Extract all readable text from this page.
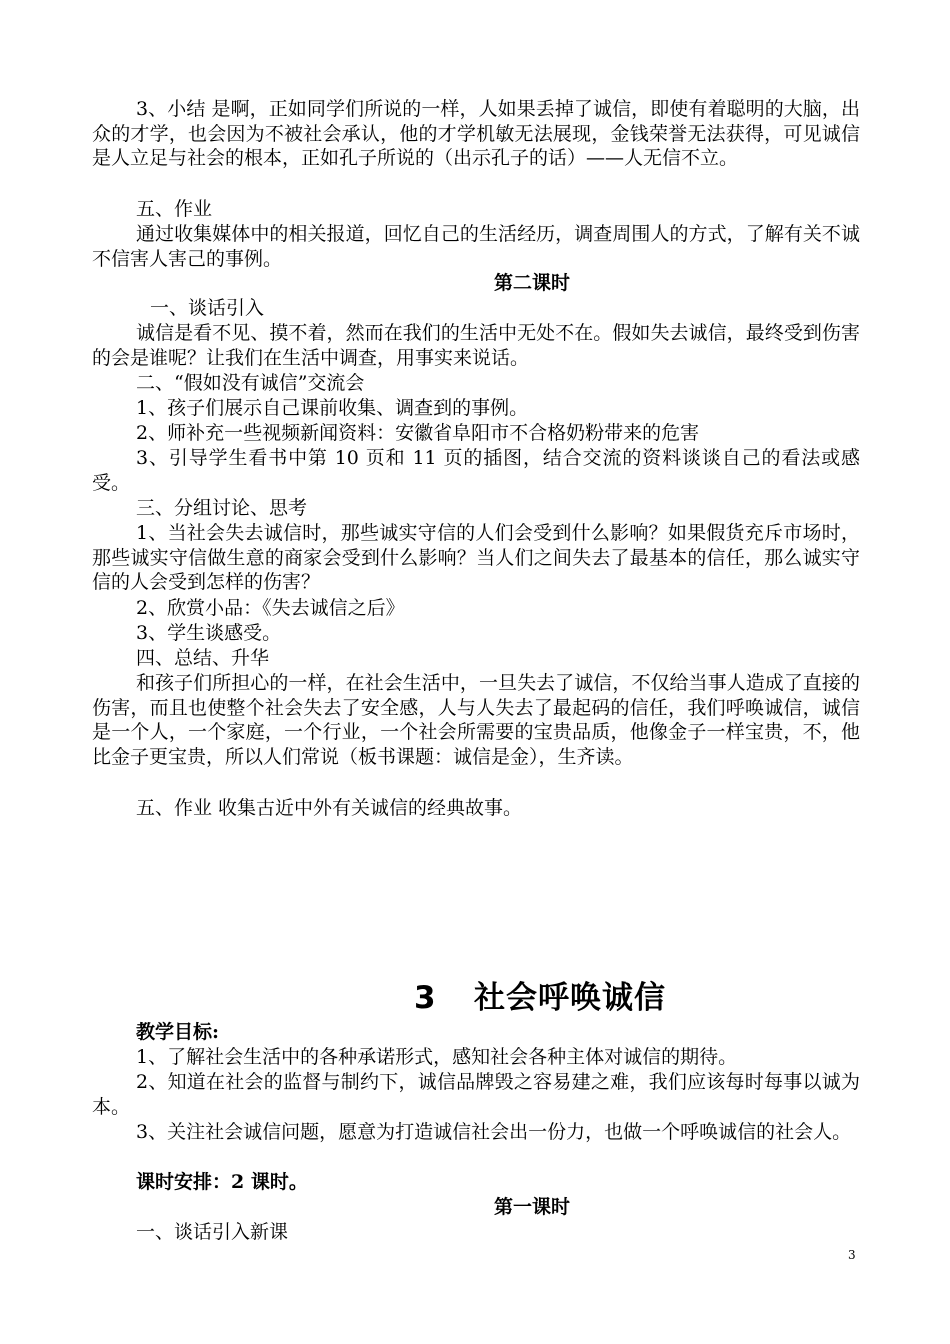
3、小结 是啊，正如同学们所说的一样，人如果丢掉了诚信，即使有着聪明的大脑，出众的才学，也会因为不被社会承认，他的才学机敏无法展现，金钱荣誉无法获得，可见诚信是人立足与社会的根本，正如孔子所说的（出示孔子的话）——人无信不立。
五、作业
通过收集媒体中的相关报道，回忆自己的生活经历，调查周围人的方式，了解有关不诚不信害人害己的事例。
第二课时
一、谈话引入
诚信是看不见、摸不着，然而在我们的生活中无处不在。假如失去诚信，最终受到伤害的会是谁呢？让我们在生活中调查，用事实来说话。
二、“假如没有诚信”交流会
1、孩子们展示自己课前收集、调查到的事例。
2、师补充一些视频新闻资料：安徽省阜阳市不合格奶粉带来的危害
3、引导学生看书中第 10 页和 11 页的插图，结合交流的资料谈谈自己的看法或感受。
三、分组讨论、思考
1、当社会失去诚信时，那些诚实守信的人们会受到什么影响？如果假货充斥市场时，那些诚实守信做生意的商家会受到什么影响？当人们之间失去了最基本的信任，那么诚实守信的人会受到怎样的伤害？
2、欣赏小品：《失去诚信之后》
3、学生谈感受。
四、总结、升华
和孩子们所担心的一样，在社会生活中，一旦失去了诚信，不仅给当事人造成了直接的伤害，而且也使整个社会失去了安全感，人与人失去了最起码的信任，我们呼唤诚信，诚信是一个人，一个家庭，一个行业，一个社会所需要的宝贵品质，他像金子一样宝贵，不，他比金子更宝贵，所以人们常说（板书课题：诚信是金），生齐读。
五、作业 收集古近中外有关诚信的经典故事。
3 社会呼唤诚信
教学目标:
1、了解社会生活中的各种承诺形式，感知社会各种主体对诚信的期待。
2、知道在社会的监督与制约下，诚信品牌毁之容易建之难，我们应该每时每事以诚为本。
3、关注社会诚信问题，愿意为打造诚信社会出一份力，也做一个呼唤诚信的社会人。
课时安排：2 课时。
第一课时
一、谈话引入新课
3
